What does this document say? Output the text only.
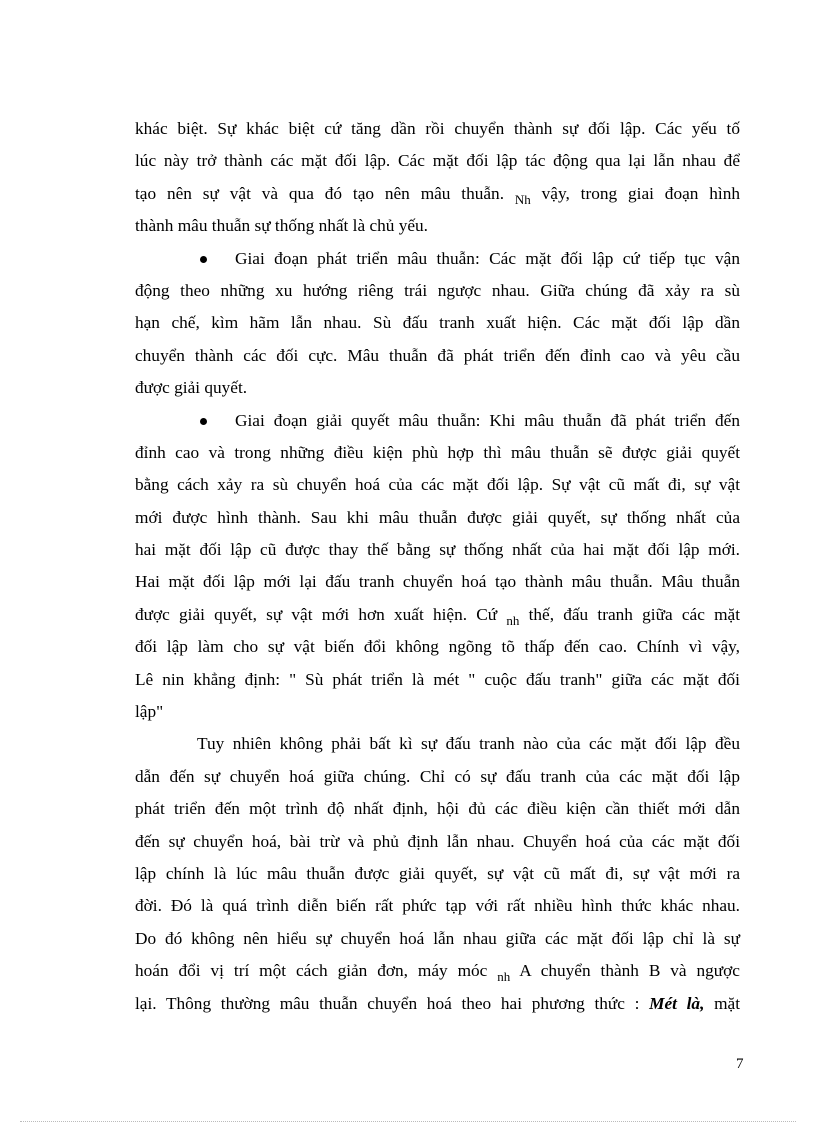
khác biệt. Sự khác biệt cứ tăng dần rồi chuyển thành sự đối lập. Các yếu tố
lúc này trở thành các mặt đối lập. Các mặt đối lập tác động qua lại lẫn nhau để
tạo nên sự vật và qua đó tạo nên mâu thuẫn. $_{Nh}$ vậy, trong giai đoạn hình
thành mâu thuẫn sự thống nhất là chủ yếu.
Giai đoạn phát triển mâu thuẫn: Các mặt đối lập cứ tiếp tục vận
động theo những xu hướng riêng trái ngược nhau. Giữa chúng đã xảy ra sù
hạn chế, kìm hãm lẫn nhau. Sù đấu tranh xuất hiện. Các mặt đối lập dần
chuyển thành các đối cực. Mâu thuẫn đã phát triển đến đỉnh cao và yêu cầu
được giải quyết.
Giai đoạn giải quyết mâu thuẫn: Khi mâu thuẫn đã phát triển đến
đỉnh cao và trong những điều kiện phù hợp thì mâu thuẫn sẽ được giải quyết
bằng cách xảy ra sù chuyển hoá của các mặt đối lập. Sự vật cũ mất đi, sự vật
mới được hình thành. Sau khi mâu thuẫn được giải quyết, sự thống nhất của
hai mặt đối lập cũ được thay thế bằng sự thống nhất của hai mặt đối lập mới.
Hai mặt đối lập mới lại đấu tranh chuyển hoá tạo thành mâu thuẫn. Mâu thuẫn
được giải quyết, sự vật mới hơn xuất hiện. Cứ $_{nh}$ thế, đấu tranh giữa các mặt
đối lập làm cho sự vật biến đổi không ngõng tõ thấp đến cao. Chính vì vậy,
Lê nin khẳng định: " Sù phát triển là mét " cuộc đấu tranh" giữa các mặt đối
lập"
Tuy nhiên không phải bất kì sự đấu tranh nào của các mặt đối lập đều
dẫn đến sự chuyển hoá giữa chúng. Chỉ có sự đấu tranh của các mặt đối lập
phát triển đến một trình độ nhất định, hội đủ các điều kiện cần thiết mới dẫn
đến sự chuyển hoá, bài trừ và phủ định lẫn nhau. Chuyển hoá của các mặt đối
lập chính là lúc mâu thuẫn được giải quyết, sự vật cũ mất đi, sự vật mới ra
đời. Đó là quá trình diễn biến rất phức tạp với rất nhiều hình thức khác nhau.
Do đó không nên hiểu sự chuyển hoá lẫn nhau giữa các mặt đối lập chỉ là sự
hoán đổi vị trí một cách giản đơn, máy móc $_{nh}$ A chuyển thành B và ngược
lại. Thông thường mâu thuẫn chuyển hoá theo hai phương thức : Mét là, mặt
7
